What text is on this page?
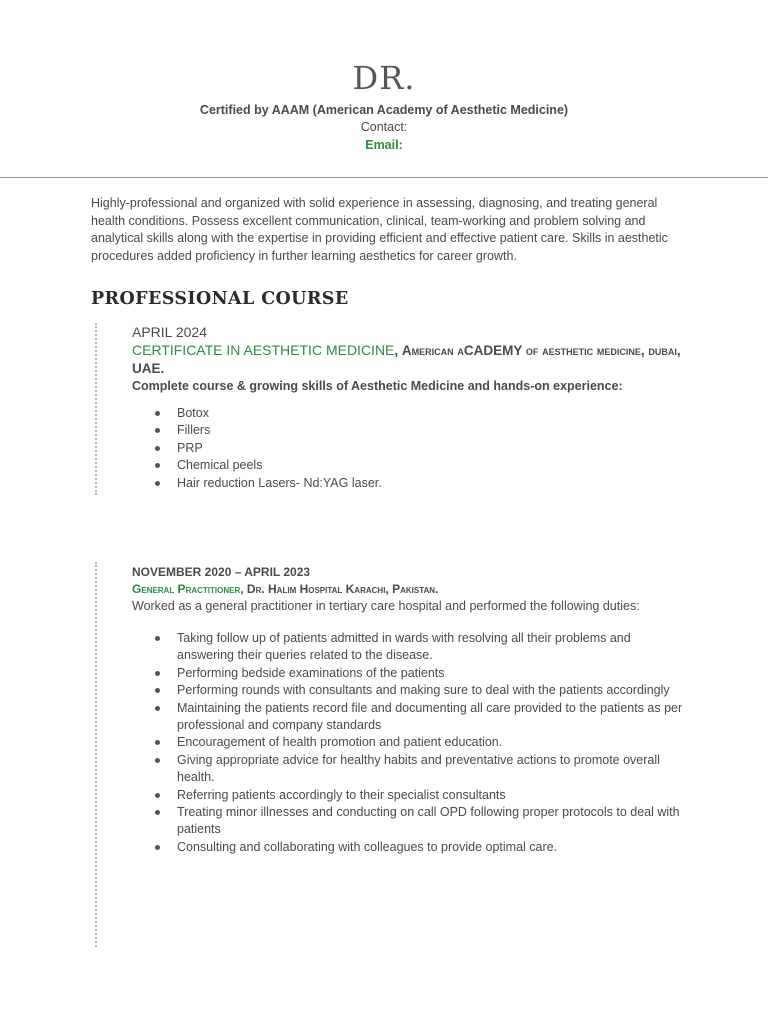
DR.
Certified by AAAM (American Academy of Aesthetic Medicine)
Contact:
Email:

Highly-professional and organized with solid experience in assessing, diagnosing, and treating general health conditions. Possess excellent communication, clinical, team-working and problem solving and analytical skills along with the expertise in providing efficient and effective patient care. Skills in aesthetic procedures added proficiency in further learning aesthetics for career growth.

PROFESSIONAL COURSE
APRIL 2024
CERTIFICATE IN AESTHETIC MEDICINE, American aCADEMY of aesthetic medicine, dubai, UAE.
Complete course & growing skills of Aesthetic Medicine and hands-on experience:
Botox
Fillers
PRP
Chemical peels
Hair reduction Lasers- Nd:YAG laser.
NOVEMBER 2020 – APRIL 2023
General Practitioner, Dr. Halim Hospital Karachi, Pakistan.
Worked as a general practitioner in tertiary care hospital and performed the following duties:
Taking follow up of patients admitted in wards with resolving all their problems and answering their queries related to the disease.
Performing bedside examinations of the patients
Performing rounds with consultants and making sure to deal with the patients accordingly
Maintaining the patients record file and documenting all care provided to the patients as per professional and company standards
Encouragement of health promotion and patient education.
Giving appropriate advice for healthy habits and preventative actions to promote overall health.
Referring patients accordingly to their specialist consultants
Treating minor illnesses and conducting on call OPD following proper protocols to deal with patients
Consulting and collaborating with colleagues to provide optimal care.
